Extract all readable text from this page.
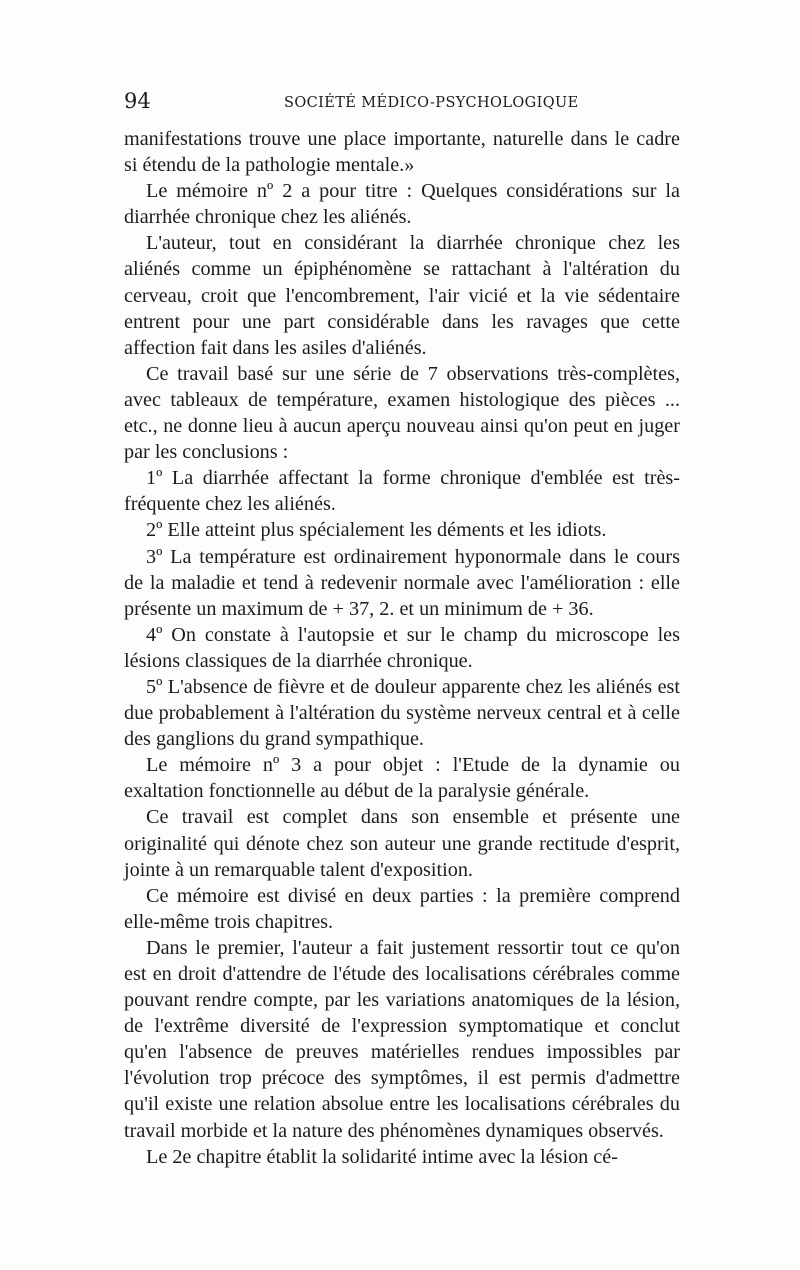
94	SOCIÉTÉ MÉDICO-PSYCHOLOGIQUE

manifestations trouve une place importante, naturelle dans le cadre si étendu de la pathologie mentale.»

Le mémoire nº 2 a pour titre : Quelques considérations sur la diarrhée chronique chez les aliénés.

L'auteur, tout en considérant la diarrhée chronique chez les aliénés comme un épiphénomène se rattachant à l'altération du cerveau, croit que l'encombrement, l'air vicié et la vie sédentaire entrent pour une part considérable dans les ravages que cette affection fait dans les asiles d'aliénés.

Ce travail basé sur une série de 7 observations très-complètes, avec tableaux de température, examen histologique des pièces ... etc., ne donne lieu à aucun aperçu nouveau ainsi qu'on peut en juger par les conclusions :

1º La diarrhée affectant la forme chronique d'emblée est très-fréquente chez les aliénés.

2º Elle atteint plus spécialement les déments et les idiots.

3º La température est ordinairement hyponormale dans le cours de la maladie et tend à redevenir normale avec l'amélioration : elle présente un maximum de + 37, 2. et un minimum de + 36.

4º On constate à l'autopsie et sur le champ du microscope les lésions classiques de la diarrhée chronique.

5º L'absence de fièvre et de douleur apparente chez les aliénés est due probablement à l'altération du système nerveux central et à celle des ganglions du grand sympathique.

Le mémoire nº 3 a pour objet : l'Etude de la dynamie ou exaltation fonctionnelle au début de la paralysie générale.

Ce travail est complet dans son ensemble et présente une originalité qui dénote chez son auteur une grande rectitude d'esprit, jointe à un remarquable talent d'exposition.

Ce mémoire est divisé en deux parties : la première comprend elle-même trois chapitres.

Dans le premier, l'auteur a fait justement ressortir tout ce qu'on est en droit d'attendre de l'étude des localisations cérébrales comme pouvant rendre compte, par les variations anatomiques de la lésion, de l'extrême diversité de l'expression symptomatique et conclut qu'en l'absence de preuves matérielles rendues impossibles par l'évolution trop précoce des symptômes, il est permis d'admettre qu'il existe une relation absolue entre les localisations cérébrales du travail morbide et la nature des phénomènes dynamiques observés.

Le 2e chapitre établit la solidarité intime avec la lésion cé-
